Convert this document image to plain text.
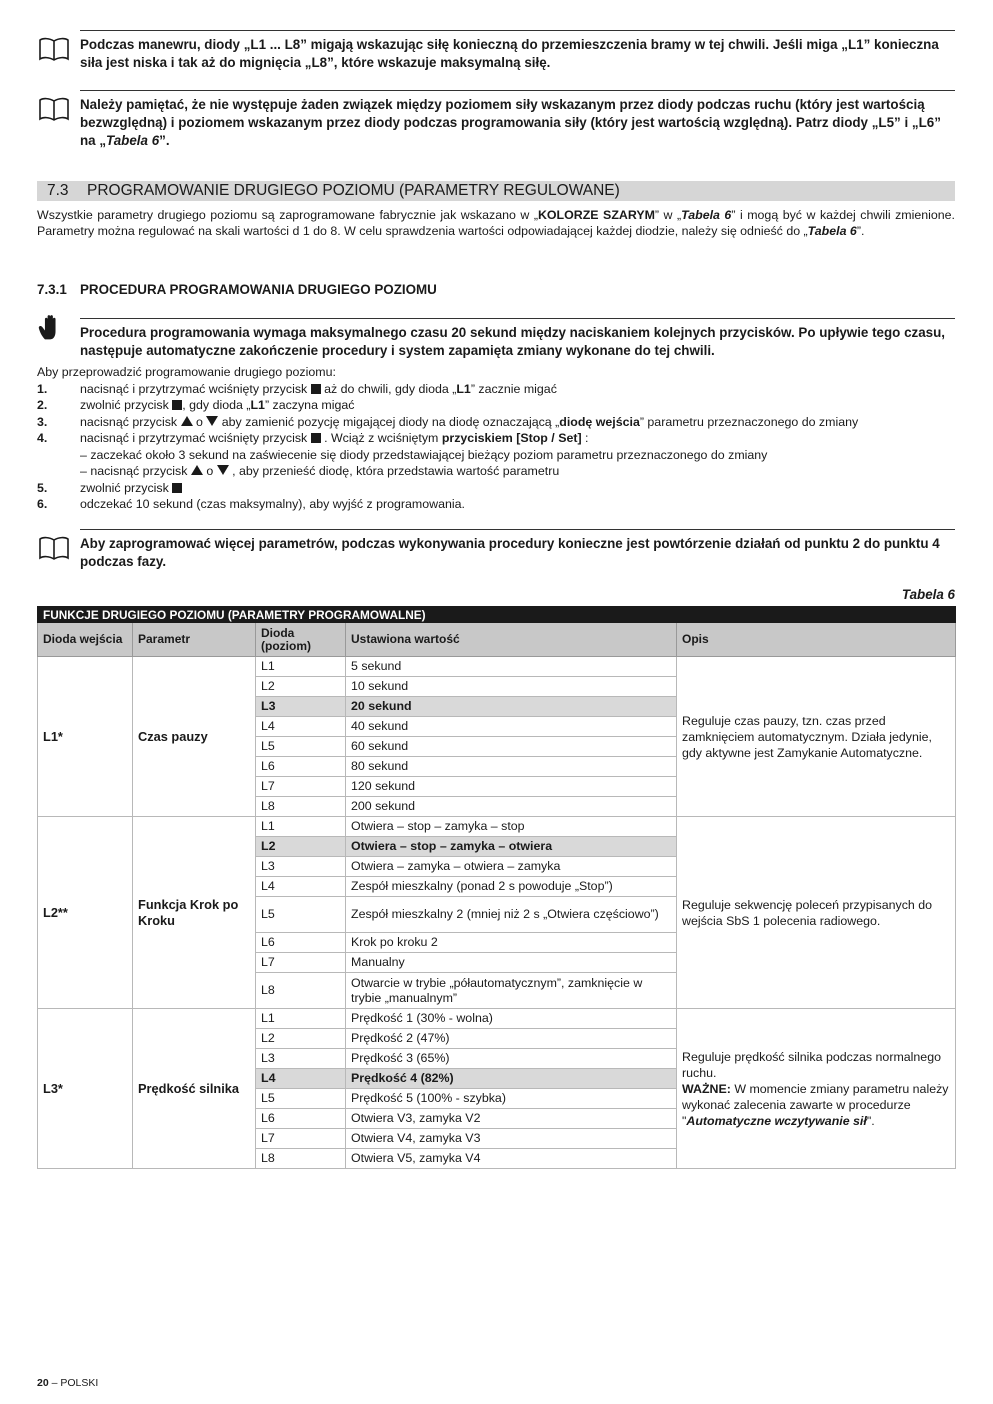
Podczas manewru, diody „L1 ... L8” migają wskazując siłę konieczną do przemieszczenia bramy w tej chwili. Jeśli miga „L1” konieczna siła jest niska i tak aż do mignięcia „L8”, które wskazuje maksymalną siłę.
Należy pamiętać, że nie występuje żaden związek między poziomem siły wskazanym przez diody podczas ruchu (który jest wartością bezwzględną) i poziomem wskazanym przez diody podczas programowania siły (który jest wartością względną). Patrz diody „L5” i „L6” na „Tabela 6”.
7.3 PROGRAMOWANIE DRUGIEGO POZIOMU (PARAMETRY REGULOWANE)
Wszystkie parametry drugiego poziomu są zaprogramowane fabrycznie jak wskazano w „KOLORZE SZARYM” w „Tabela 6” i mogą być w każdej chwili zmienione. Parametry można regulować na skali wartości d 1 do 8. W celu sprawdzenia wartości odpowiadającej każdej diodzie, należy się odnieść do „Tabela 6”.
7.3.1 PROCEDURA PROGRAMOWANIA DRUGIEGO POZIOMU
Procedura programowania wymaga maksymalnego czasu 20 sekund między naciskaniem kolejnych przycisków. Po upływie tego czasu, następuje automatyczne zakończenie procedury i system zapamięta zmiany wykonane do tej chwili.
Aby przeprowadzić programowanie drugiego poziomu:
1.	nacisnąć i przytrzymać wciśnięty przycisk  aż do chwili, gdy dioda „L1” zacznie migać
2.	zwolnić przycisk , gdy dioda „L1” zaczyna migać
3.	nacisnąć przycisk  o  aby zamienić pozycję migającej diody na diodę oznaczającą „diodę wejścia” parametru przeznaczonego do zmiany
4.	nacisnąć i przytrzymać wciśnięty przycisk  . Wciąż z wciśniętym przyciskiem [Stop / Set] :
– zaczekać około 3 sekund na zaświecenie się diody przedstawiającej bieżący poziom parametru przeznaczonego do zmiany
– nacisnąć przycisk  o  , aby przenieść diodę, która przedstawia wartość parametru
5.	zwolnić przycisk
6.	odczekać 10 sekund (czas maksymalny), aby wyjść z programowania.
Aby zaprogramować więcej parametrów, podczas wykonywania procedury konieczne jest powtórzenie działań od punktu 2 do punktu 4 podczas fazy.
Tabela 6
FUNKCJE DRUGIEGO POZIOMU (PARAMETRY PROGRAMOWALNE)				
Dioda wejścia	Parametr	Dioda (poziom)	Ustawiona wartość	Opis
L1*	Czas pauzy	L1	5 sekund	Reguluje czas pauzy, tzn. czas przed zamknięciem automatycznym. Działa jedynie, gdy aktywne jest Zamykanie Automatyczne.
		L2	10 sekund	
		L3	20 sekund	
		L4	40 sekund	
		L5	60 sekund	
		L6	80 sekund	
		L7	120 sekund	
		L8	200 sekund	
L2**	Funkcja Krok po Kroku	L1	Otwiera – stop – zamyka – stop	Reguluje sekwencję poleceń przypisanych do wejścia SbS 1 polecenia radiowego.
		L2	Otwiera – stop – zamyka – otwiera	
		L3	Otwiera – zamyka – otwiera – zamyka	
		L4	Zespół mieszkalny (ponad 2 s powoduje „Stop”)	
		L5	Zespół mieszkalny 2 (mniej niż 2 s „Otwiera częściowo”)	
		L6	Krok po kroku 2	
		L7	Manualny	
		L8	Otwarcie w trybie „półautomatycznym”, zamknięcie w trybie „manualnym”	
L3*	Prędkość silnika	L1	Prędkość 1 (30% - wolna)	Reguluje prędkość silnika podczas normalnego ruchu.
WAŻNE: W momencie zmiany parametru należy wykonać zalecenia zawarte w procedurze "Automatyczne wczytywanie sił".
		L2	Prędkość 2 (47%)	
		L3	Prędkość 3 (65%)	
		L4	Prędkość 4 (82%)	
		L5	Prędkość 5 (100% - szybka)	
		L6	Otwiera V3, zamyka V2	
		L7	Otwiera V4, zamyka V3	
		L8	Otwiera V5, zamyka V4	
20 – POLSKI
